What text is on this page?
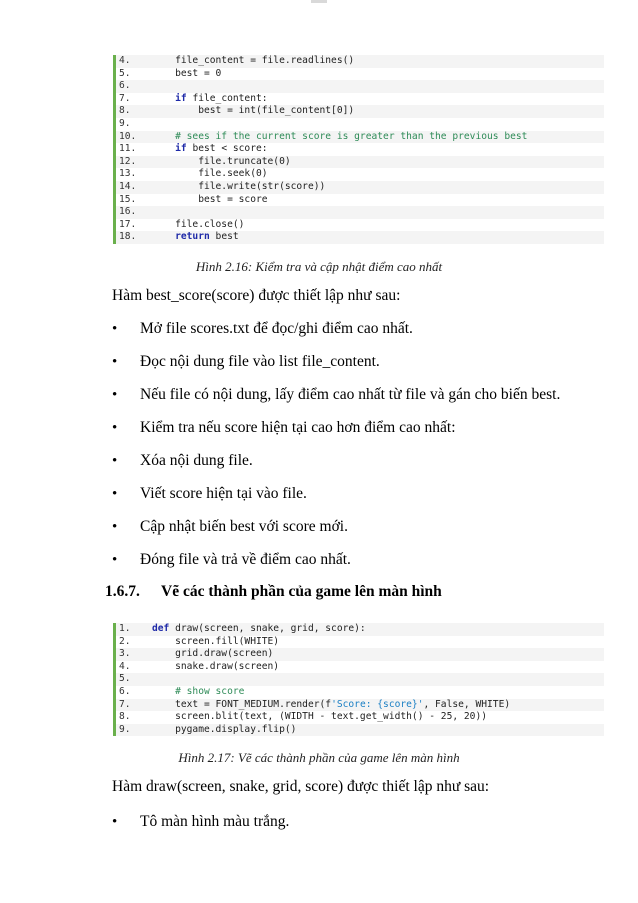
4.    file_content = file.readlines()
5.    best = 0
6.
7.	if file_content:
8.        best = int(file_content[0])
9.
10.    # sees if the current score is greater than the previous best
11.	if best < score:
12.        file.truncate(0)
13.        file.seek(0)
14.        file.write(str(score))
15.        best = score
16.
17.    file.close()
18.	return best
Hình 2.16: Kiểm tra và cập nhật điểm cao nhất
Hàm best_score(score) được thiết lập như sau:
• Mở file scores.txt để đọc/ghi điểm cao nhất.
• Đọc nội dung file vào list file_content.
• Nếu file có nội dung, lấy điểm cao nhất từ file và gán cho biến best.
• Kiểm tra nếu score hiện tại cao hơn điểm cao nhất:
• Xóa nội dung file.
• Viết score hiện tại vào file.
• Cập nhật biến best với score mới.
• Đóng file và trả về điểm cao nhất.
1.6.7. Vẽ các thành phần của game lên màn hình
1. def draw(screen, snake, grid, score):
2.    screen.fill(WHITE)
3.    grid.draw(screen)
4.    snake.draw(screen)
5.
6.    # show score
7.    text = FONT_MEDIUM.render(f'Score: {score}', False, WHITE)
8.    screen.blit(text, (WIDTH - text.get_width() - 25, 20))
9.    pygame.display.flip()
Hình 2.17: Vẽ các thành phần của game lên màn hình
Hàm draw(screen, snake, grid, score) được thiết lập như sau:
• Tô màn hình màu trắng.
